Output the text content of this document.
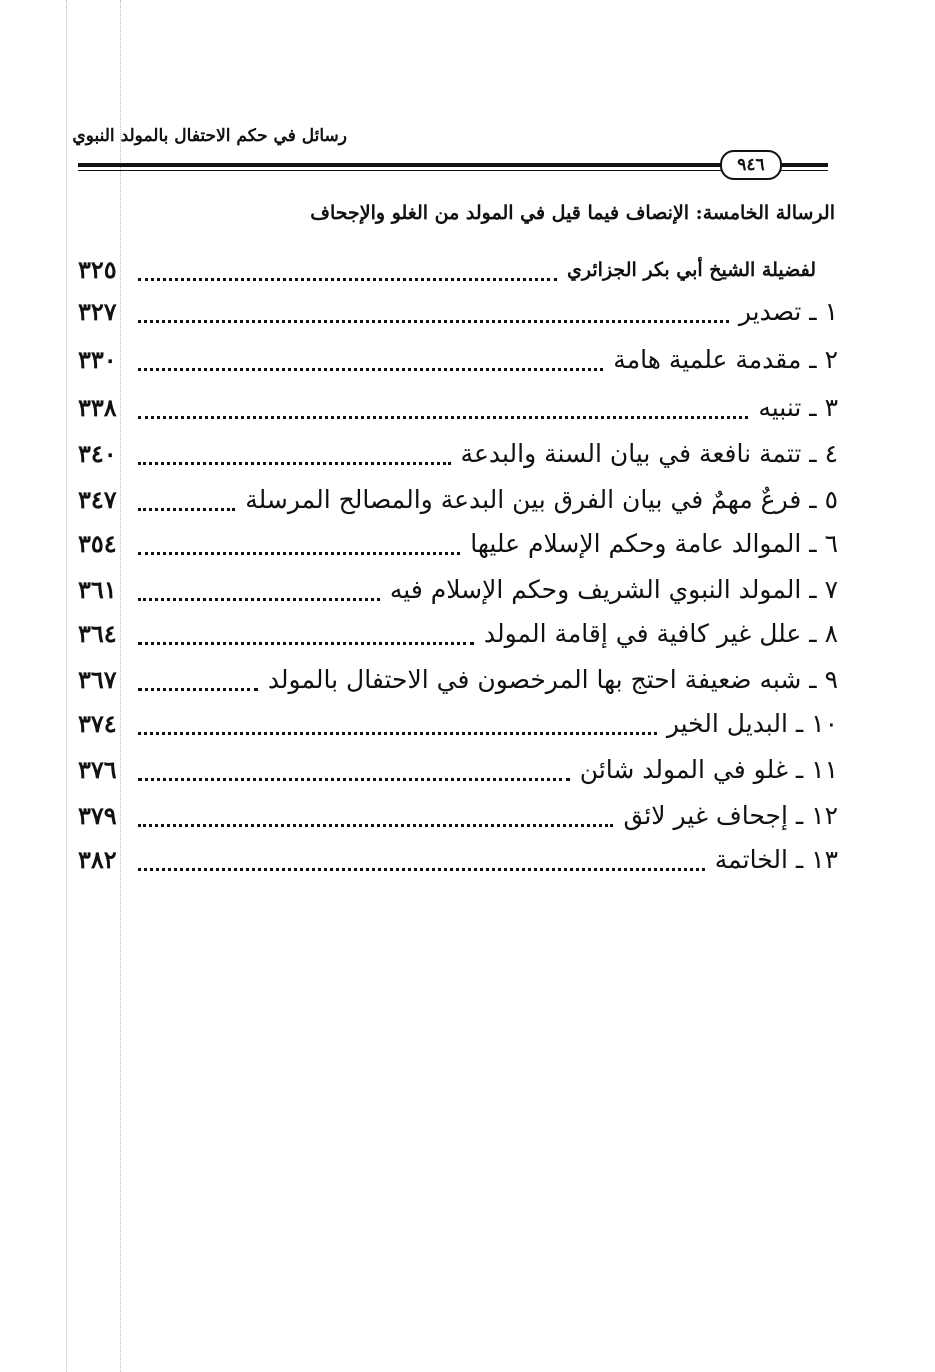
رسائل في حكم الاحتفال بالمولد النبوي
٩٤٦
الرسالة الخامسة: الإنصاف فيما قيل في المولد من الغلو والإجحاف
٣٢٥	لفضيلة الشيخ أبي بكر الجزائري
٣٢٧	١ ـ تصدير
٣٣٠	٢ ـ مقدمة علمية هامة
٣٣٨	٣ ـ تنبيه
٣٤٠	٤ ـ تتمة نافعة في بيان السنة والبدعة
٣٤٧	٥ ـ فرعٌ مهمٌ في بيان الفرق بين البدعة والمصالح المرسلة
٣٥٤	٦ ـ الموالد عامة وحكم الإسلام عليها
٣٦١	٧ ـ المولد النبوي الشريف وحكم الإسلام فيه
٣٦٤	٨ ـ علل غير كافية في إقامة المولد
٣٦٧	٩ ـ شبه ضعيفة احتج بها المرخصون في الاحتفال بالمولد
٣٧٤	١٠ ـ البديل الخير
٣٧٦	١١ ـ غلو في المولد شائن
٣٧٩	١٢ ـ إجحاف غير لائق
٣٨٢	١٣ ـ الخاتمة
